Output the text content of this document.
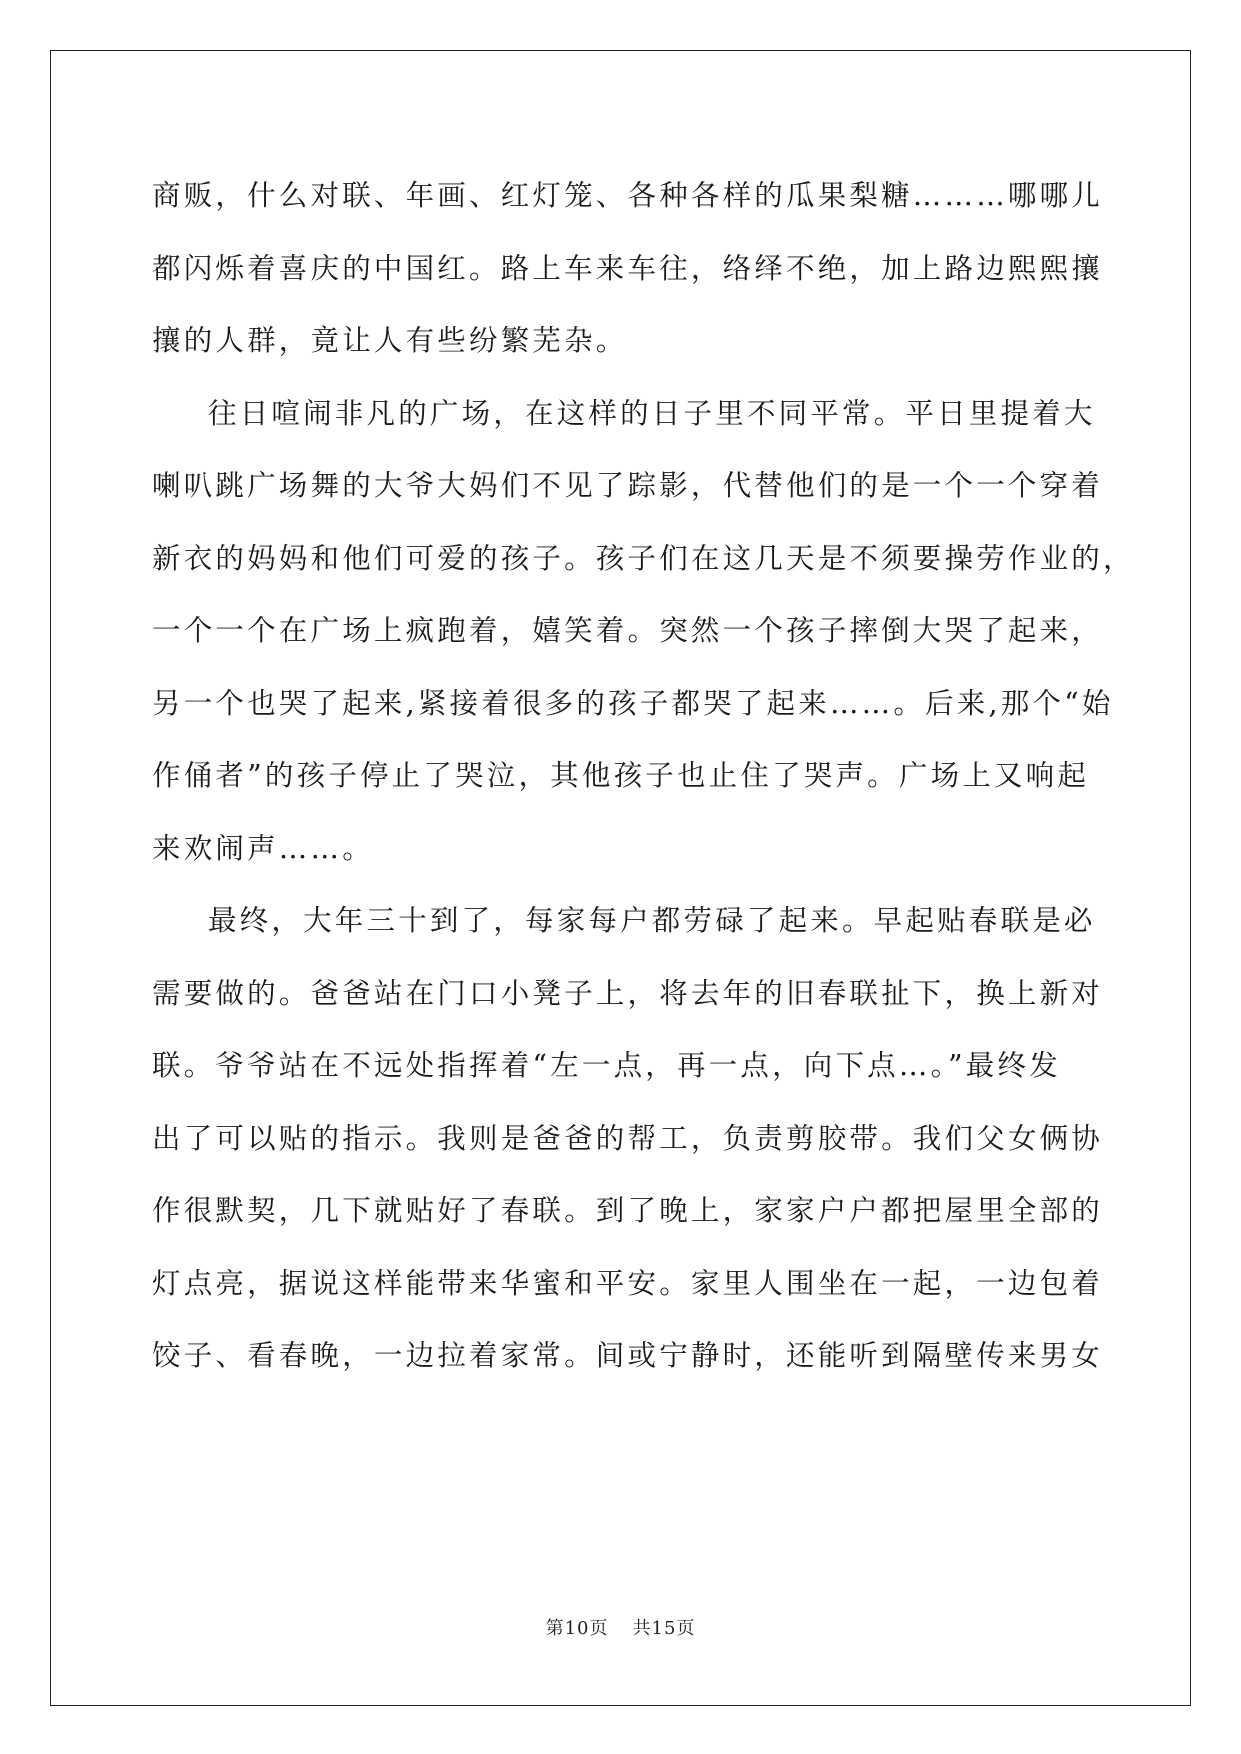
商贩，什么对联、年画、红灯笼、各种各样的瓜果梨糖………哪哪儿
都闪烁着喜庆的中国红。路上车来车往，络绎不绝，加上路边熙熙攘
攘的人群，竟让人有些纷繁芜杂。

往日喧闹非凡的广场，在这样的日子里不同平常。平日里提着大
喇叭跳广场舞的大爷大妈们不见了踪影，代替他们的是一个一个穿着
新衣的妈妈和他们可爱的孩子。孩子们在这几天是不须要操劳作业的，
一个一个在广场上疯跑着，嬉笑着。突然一个孩子摔倒大哭了起来，
另一个也哭了起来,紧接着很多的孩子都哭了起来……。后来,那个“始
作俑者”的孩子停止了哭泣，其他孩子也止住了哭声。广场上又响起
来欢闹声……。

最终，大年三十到了，每家每户都劳碌了起来。早起贴春联是必
需要做的。爸爸站在门口小凳子上，将去年的旧春联扯下，换上新对
联。爷爷站在不远处指挥着“左一点，再一点，向下点…。”最终发
出了可以贴的指示。我则是爸爸的帮工，负责剪胶带。我们父女俩协
作很默契，几下就贴好了春联。到了晚上，家家户户都把屋里全部的
灯点亮，据说这样能带来华蜜和平安。家里人围坐在一起，一边包着
饺子、看春晚，一边拉着家常。间或宁静时，还能听到隔壁传来男女

第10页 共15页
